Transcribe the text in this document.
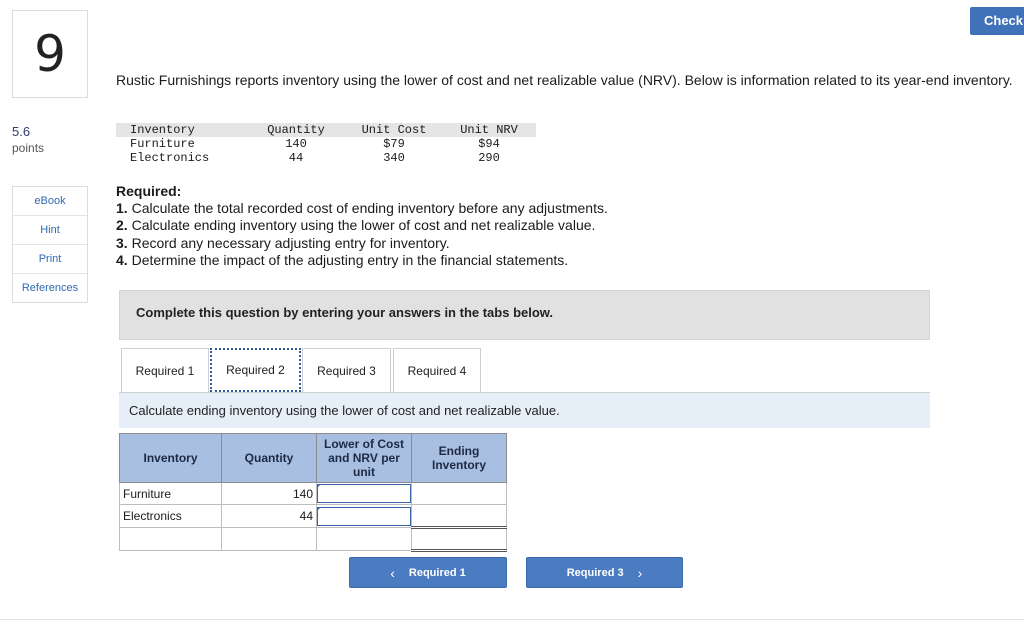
9
5.6
points
eBook
Hint
Print
References
Check
Rustic Furnishings reports inventory using the lower of cost and net realizable value (NRV). Below is information related to its year-end inventory.
Inventory	Quantity	Unit Cost	Unit NRV
Furniture	140	$79	$94
Electronics	44	340	290
Required:
1. Calculate the total recorded cost of ending inventory before any adjustments.
2. Calculate ending inventory using the lower of cost and net realizable value.
3. Record any necessary adjusting entry for inventory.
4. Determine the impact of the adjusting entry in the financial statements.
Complete this question by entering your answers in the tabs below.
Required 1	Required 2	Required 3	Required 4
Calculate ending inventory using the lower of cost and net realizable value.
Inventory	Quantity	Lower of Cost and NRV per unit	Ending Inventory
Furniture	140	

Electronics	44	

‹ Required 1	Required 3 ›
